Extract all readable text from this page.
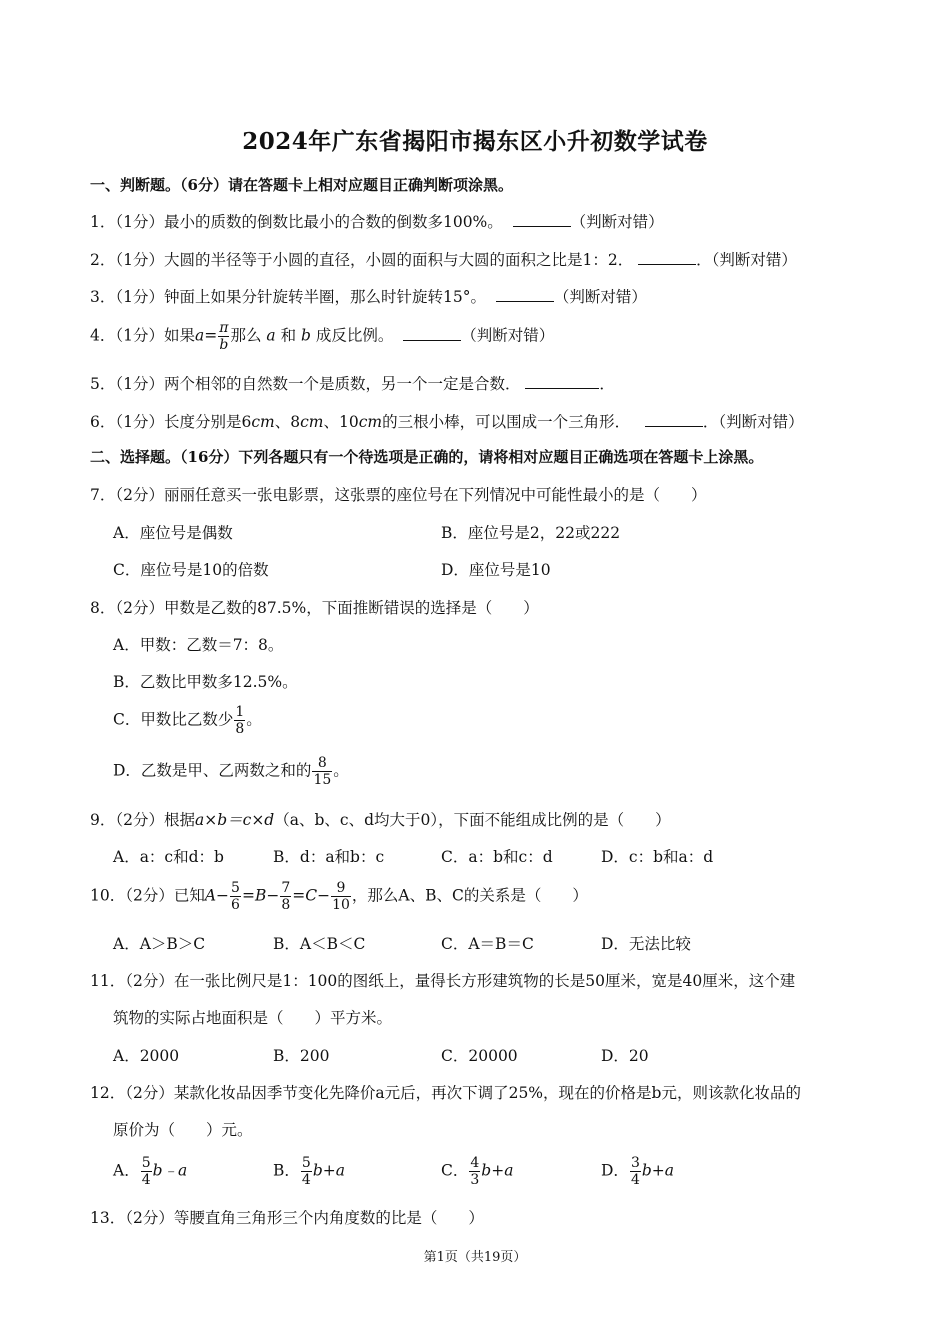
2024年广东省揭阳市揭东区小升初数学试卷
一、判断题。（6分）请在答题卡上相对应题目正确判断项涂黑。
1．（1分）最小的质数的倒数比最小的合数的倒数多100%。	（判断对错）
2．（1分）大圆的半径等于小圆的直径，小圆的面积与大圆的面积之比是1：2．	．（判断对错）
3．（1分）钟面上如果分针旋转半圈，那么时针旋转15°。	（判断对错）
4．（1分）如果$a= \frac{\pi}{b}$ 那么 a 和 b 成反比例。	（判断对错）
5．（1分）两个相邻的自然数一个是质数，另一个一定是合数．	．
6．（1分）长度分别是6cm、8cm、10cm的三根小棒，可以围成一个三角形．	．（判断对错）
二、选择题。（16分）下列各题只有一个待选项是正确的，请将相对应题目正确选项在答题卡上涂黑。
7．（2分）丽丽任意买一张电影票，这张票的座位号在下列情况中可能性最小的是（　　）
A．座位号是偶数	B．座位号是2，22或222
C．座位号是10的倍数	D．座位号是10
8．（2分）甲数是乙数的87.5%，下面推断错误的选择是（　　）
A．甲数：乙数＝7：8。
B．乙数比甲数多12.5%。
C．甲数比乙数少 $\frac{1}{8}$ 。
D．乙数是甲、乙两数之和的 $\frac{8}{15}$ 。
9．（2分）根据a×b＝c×d（a、b、c、d均大于0），下面不能组成比例的是（　　）
A．a：c和d：b	B．d：a和b：c	C．a：b和c：d	D．c：b和a：d
10．（2分）已知$A- \frac{5}{6} =B- \frac{7}{8} =C- \frac{9}{10}$ ，那么A、B、C的关系是（　　）
A．A＞B＞C	B．A＜B＜C	C．A＝B＝C	D．无法比较
11．（2分）在一张比例尺是1：100的图纸上，量得长方形建筑物的长是50厘米，宽是40厘米，这个建
筑物的实际占地面积是（　　）平方米。
A．2000	B．200	C．20000	D．20
12．（2分）某款化妆品因季节变化先降价a元后，再次下调了25%，现在的价格是b元，则该款化妆品的
原价为（　　）元。
A． $\frac{5}{4}$ b﹣a	B． $\frac{5}{4} b+a$	C． $\frac{4}{3} b+a$	D． $\frac{3}{4} b+a$
13．（2分）等腰直角三角形三个内角度数的比是（　　）
第1页（共19页）
